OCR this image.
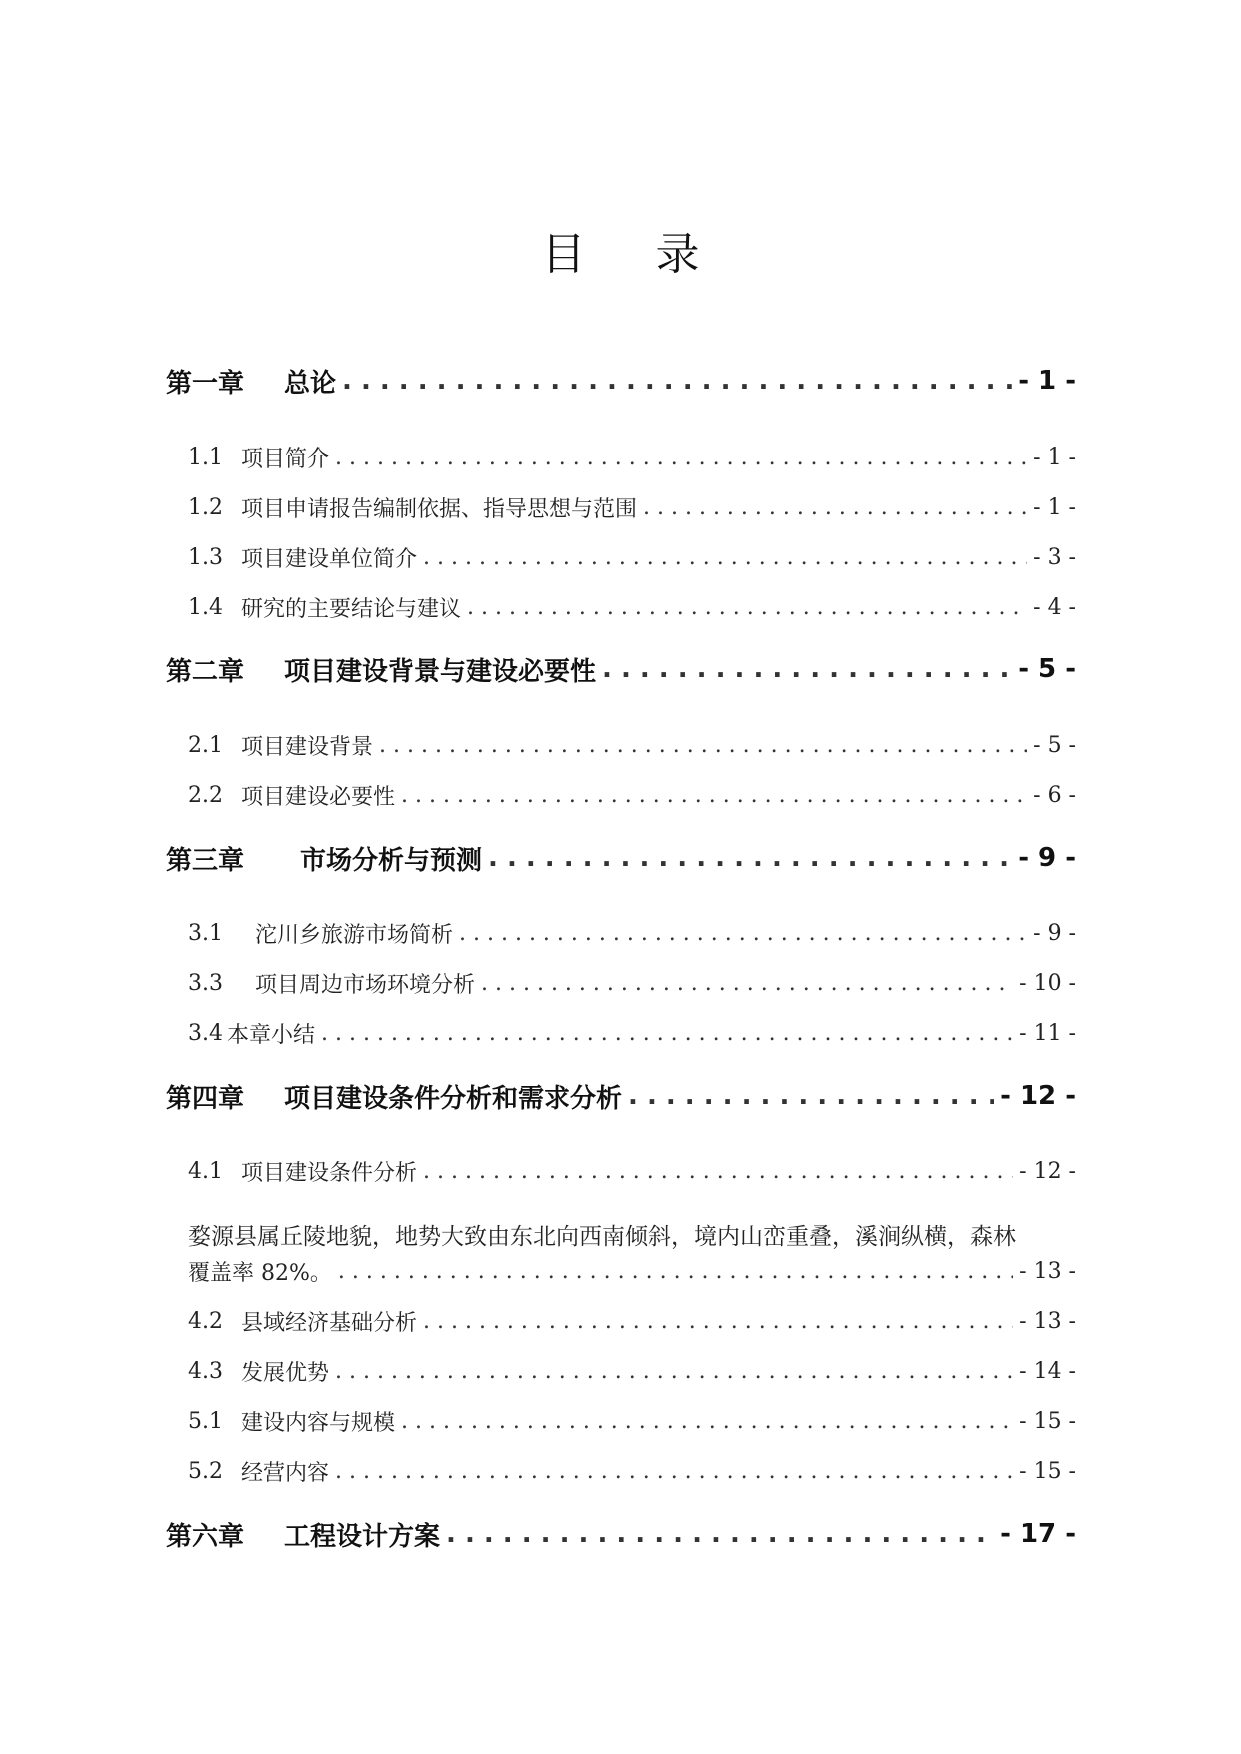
目 录
第一章	总论 . . .	- 1 -
1.1 项目简介 . . .	- 1 -
1.2 项目申请报告编制依据、指导思想与范围 . . .	- 1 -
1.3 项目建设单位简介 . . .	- 3 -
1.4 研究的主要结论与建议 . . .	- 4 -
第二章	项目建设背景与建设必要性 . . .	- 5 -
2.1 项目建设背景 . . .	- 5 -
2.2 项目建设必要性 . . .	- 6 -
第三章	市场分析与预测 . . .	- 9 -
3.1 沱川乡旅游市场简析 . . .	- 9 -
3.3 项目周边市场环境分析 . . .	- 10 -
3.4 本章小结 . . .	- 11 -
第四章	项目建设条件分析和需求分析 . . .	- 12 -
4.1 项目建设条件分析 . . .	- 12 -
婺源县属丘陵地貌，地势大致由东北向西南倾斜，境内山峦重叠，溪涧纵横，森林
覆盖率 82%。 . . .	- 13 -
4.2 县域经济基础分析 . . .	- 13 -
4.3 发展优势 . . .	- 14 -
5.1 建设内容与规模 . . .	- 15 -
5.2 经营内容 . . .	- 15 -
第六章	工程设计方案 . . .	- 17 -
